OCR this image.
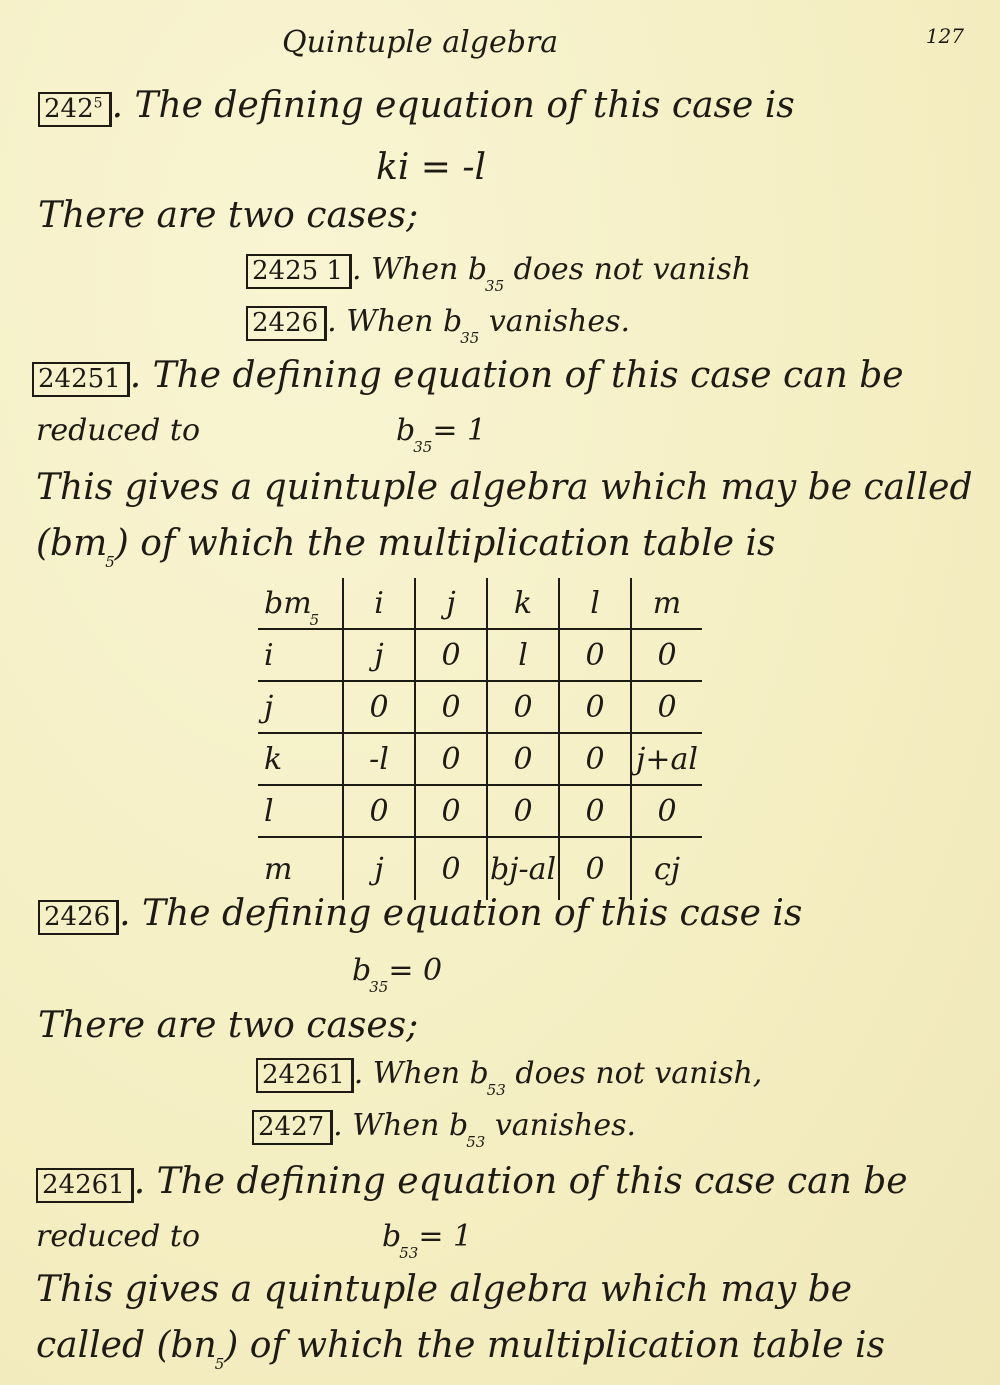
127
Quintuple algebra
$242^5$ . The defining equation of this case is
ki = -l
There are two cases;
2425 1 . When $b_{35}$ does not vanish
2426 . When $b_{35}$ vanishes.
24251 . The defining equation of this case can be
reduced to	$b_{35}= 1$
This gives a quintuple algebra which may be called
$(bm_5)$ of which the multiplication table is
$bm_5$	i	j	k	l	m
i	j	0	l	0	0
j	0	0	0	0	0
k	-l	0	0	0	j+al
l	0	0	0	0	0
m	j	0	bj-al	0	cj
2426 . The defining equation of this case is
$b_{35}= 0$
There are two cases;
24261 . When $b_{53}$ does not vanish,
2427 . When $b_{53}$ vanishes.
24261 . The defining equation of this case can be
reduced to	$b_{53}= 1$
This gives a quintuple algebra which may be
called $(bn_5)$ of which the multiplication table is
